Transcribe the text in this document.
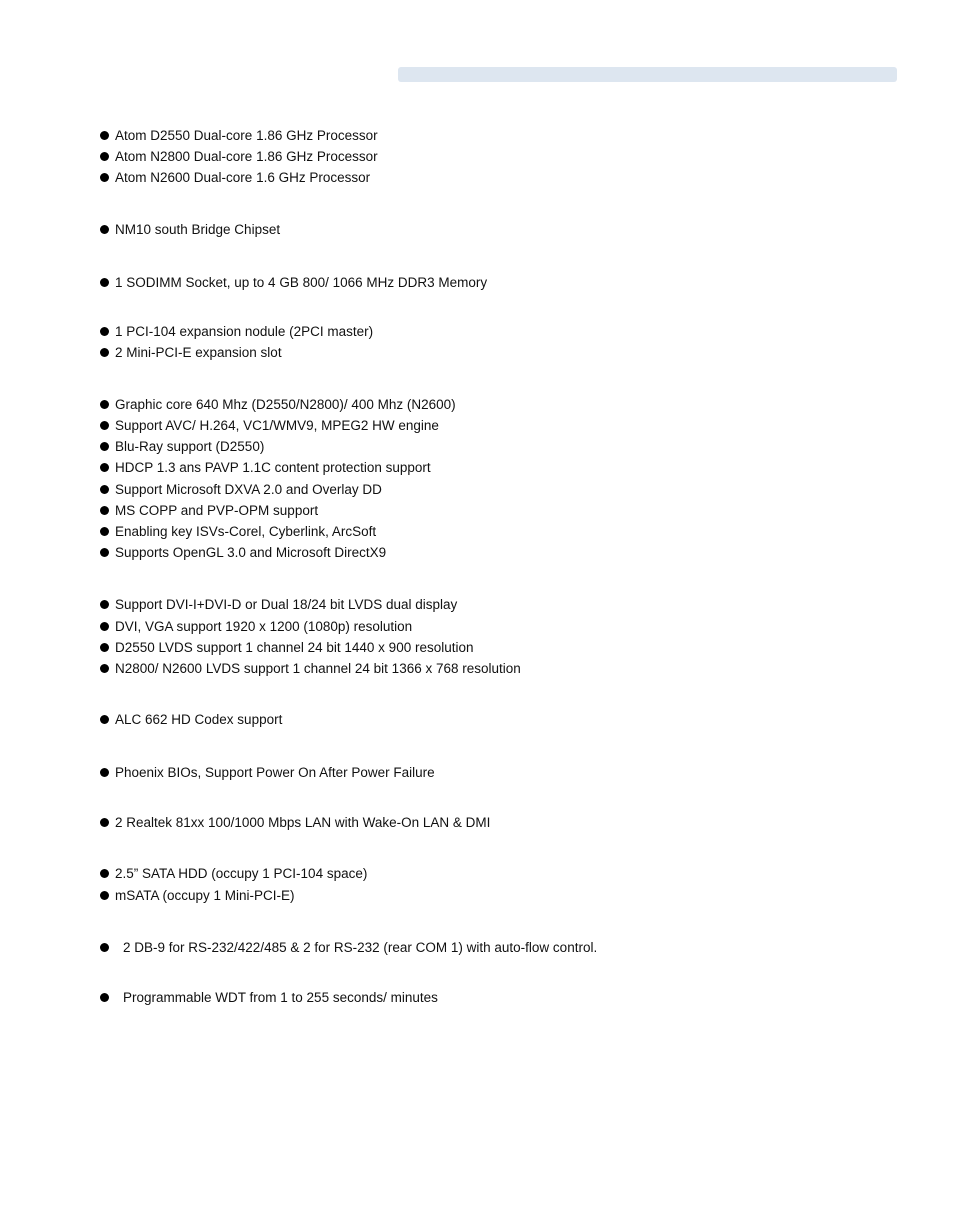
Atom D2550 Dual-core 1.86 GHz Processor
Atom N2800 Dual-core 1.86 GHz Processor
Atom N2600 Dual-core 1.6 GHz Processor
NM10 south Bridge Chipset
1 SODIMM Socket, up to 4 GB 800/ 1066 MHz DDR3 Memory
1 PCI-104 expansion nodule (2PCI master)
2 Mini-PCI-E expansion slot
Graphic core 640 Mhz (D2550/N2800)/ 400 Mhz (N2600)
Support AVC/ H.264, VC1/WMV9, MPEG2 HW engine
Blu-Ray support (D2550)
HDCP 1.3 ans PAVP 1.1C content protection support
Support Microsoft DXVA 2.0 and Overlay DD
MS COPP and PVP-OPM support
Enabling key ISVs-Corel, Cyberlink, ArcSoft
Supports OpenGL 3.0 and Microsoft DirectX9
Support DVI-I+DVI-D or Dual 18/24 bit LVDS dual display
DVI, VGA support 1920 x 1200 (1080p) resolution
D2550 LVDS support 1 channel 24 bit 1440 x 900 resolution
N2800/ N2600 LVDS support 1 channel 24 bit 1366 x 768 resolution
ALC 662 HD Codex support
Phoenix BIOs, Support Power On After Power Failure
2 Realtek 81xx 100/1000 Mbps LAN with Wake-On LAN & DMI
2.5” SATA HDD (occupy 1 PCI-104 space)
mSATA (occupy 1 Mini-PCI-E)
2 DB-9 for RS-232/422/485 & 2 for RS-232 (rear COM 1) with auto-flow control.
Programmable WDT from 1 to 255 seconds/ minutes
